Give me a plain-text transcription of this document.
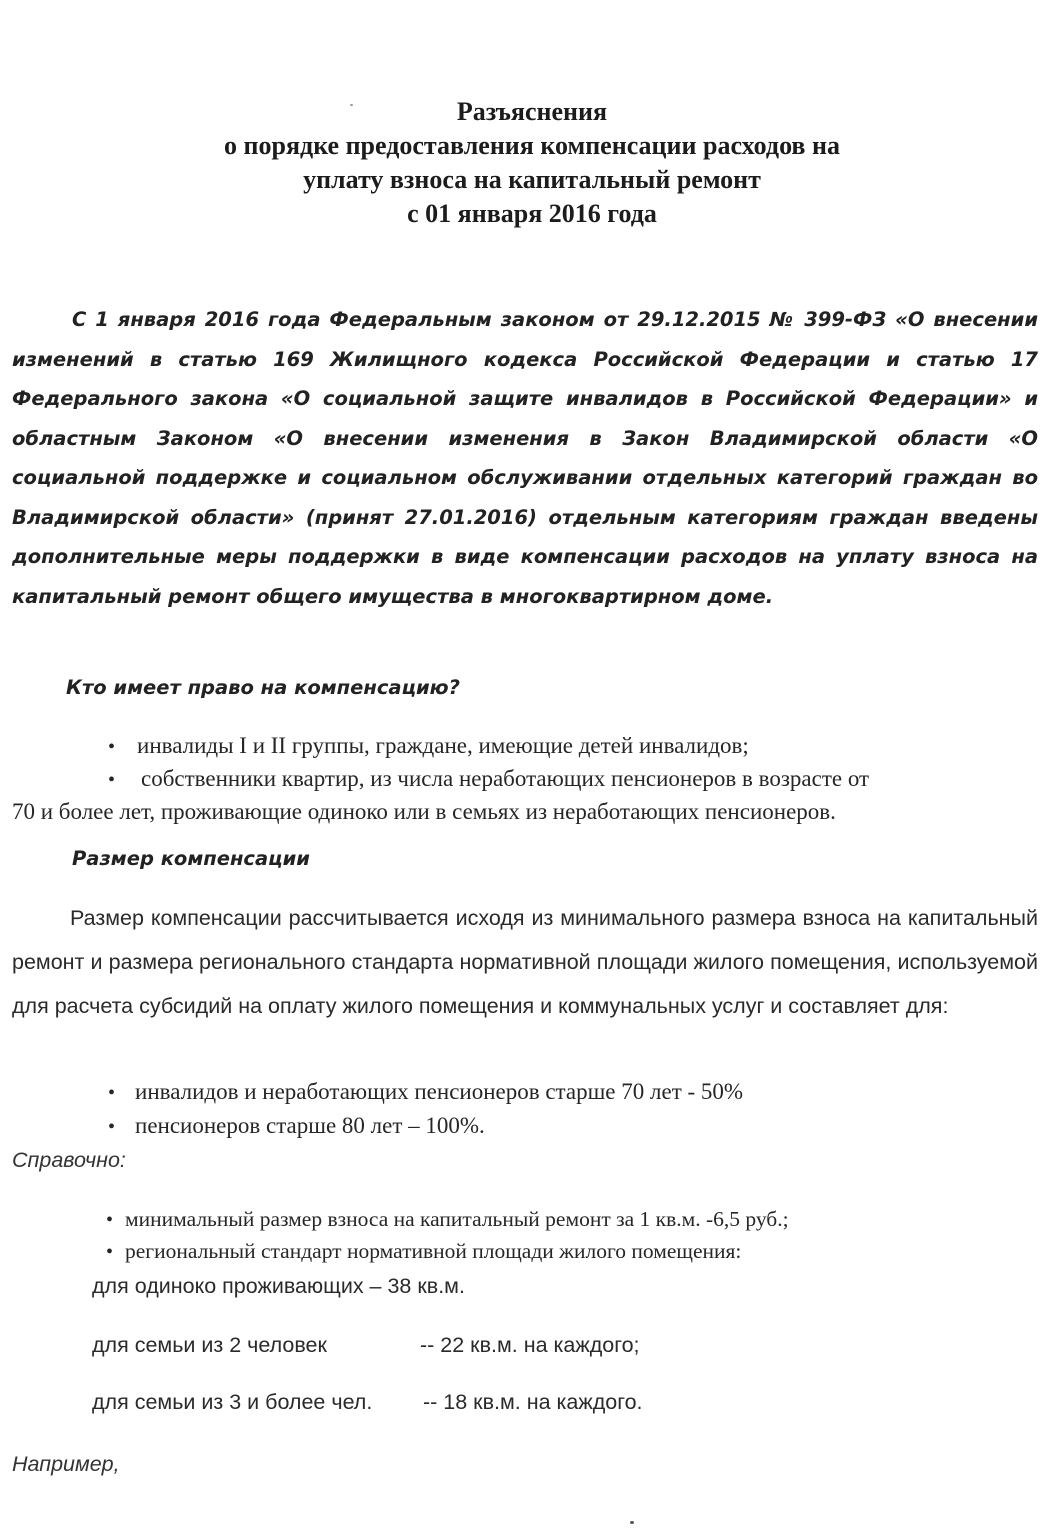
Разъяснения
о порядке предоставления компенсации расходов на
уплату взноса на капитальный ремонт
с 01 января 2016 года
С 1 января 2016 года Федеральным законом от 29.12.2015 № 399-ФЗ «О внесении изменений в статью 169 Жилищного кодекса Российской Федерации и статью 17 Федерального закона «О социальной защите инвалидов в Российской Федерации» и областным Законом «О внесении изменения в Закон Владимирской области «О социальной поддержке и социальном обслуживании отдельных категорий граждан во Владимирской области» (принят 27.01.2016) отдельным категориям граждан введены дополнительные меры поддержки в виде компенсации расходов на уплату взноса на капитальный ремонт общего имущества в многоквартирном доме.
Кто имеет право на компенсацию?
• инвалиды I и II группы, граждане, имеющие детей инвалидов;
• собственники квартир, из числа неработающих пенсионеров в возрасте от
70 и более лет, проживающие одиноко или в семьях из неработающих пенсионеров.
Размер компенсации
Размер компенсации рассчитывается исходя из минимального размера взноса на капитальный ремонт и размера регионального стандарта нормативной площади жилого помещения, используемой для расчета субсидий на оплату жилого помещения и коммунальных услуг и составляет для:
• инвалидов и неработающих пенсионеров старше 70 лет - 50%
• пенсионеров старше 80 лет – 100%.
Справочно:
• минимальный размер взноса на капитальный ремонт за 1 кв.м. -6,5 руб.;
• региональный стандарт нормативной площади жилого помещения:
для одиноко проживающих – 38 кв.м.
для семьи из 2 человек	-- 22 кв.м. на каждого;
для семьи из 3 и более чел. -- 18 кв.м. на каждого.
Например,
